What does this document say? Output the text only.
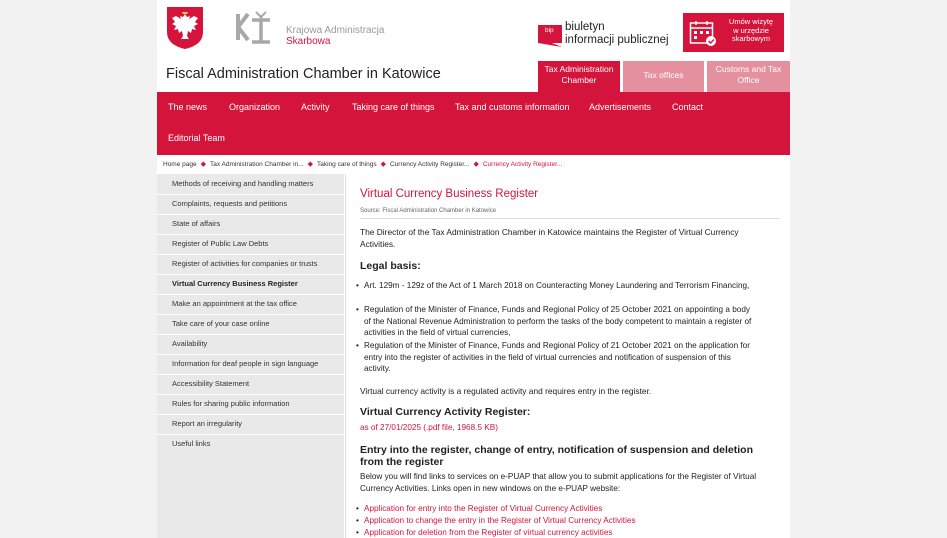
Krajowa Administracja
Skarbowa
bip biuletyn
informacji publicznej
Umów wizytę
w urzędzie
skarbowym
Fiscal Administration Chamber in Katowice	Tax Administration Chamber	Tax offices
Customs and Tax Office
The news Organization Activity Taking care of things Tax and customs information Advertisements Contact
Editorial Team
Home page ◆ Tax Administration Chamber in... ◆ Taking care of things ◆ Currency Activity Register... ◆ Currency Activity Register...
Methods of receiving and handling matters
Complaints, requests and petitions
State of affairs
Register of Public Law Debts
Register of activities for companies or trusts
Virtual Currency Business Register
Make an appointment at the tax office
Take care of your case online
Availability
Information for deaf people in sign language
Accessibility Statement
Rules for sharing public information
Report an irregularity
Useful links
Virtual Currency Business Register
Source: Fiscal Administration Chamber in Katowice
The Director of the Tax Administration Chamber in Katowice maintains the Register of Virtual Currency Activities.
Legal basis:
• Art. 129m - 129z of the Act of 1 March 2018 on Counteracting Money Laundering and Terrorism Financing,
• Regulation of the Minister of Finance, Funds and Regional Policy of 25 October 2021 on appointing a body of the National Revenue Administration to perform the tasks of the body competent to maintain a register of activities in the field of virtual currencies,
• Regulation of the Minister of Finance, Funds and Regional Policy of 21 October 2021 on the application for entry into the register of activities in the field of virtual currencies and notification of suspension of this activity.
Virtual currency activity is a regulated activity and requires entry in the register.
Virtual Currency Activity Register:
as of 27/01/2025 (.pdf file, 1968.5 KB)
Entry into the register, change of entry, notification of suspension and deletion from the register
Below you will find links to services on e-PUAP that allow you to submit applications for the Register of Virtual Currency Activities. Links open in new windows on the e-PUAP website:
• Application for entry into the Register of Virtual Currency Activities
• Application to change the entry in the Register of Virtual Currency Activities
• Application for deletion from the Register of virtual currency activities
